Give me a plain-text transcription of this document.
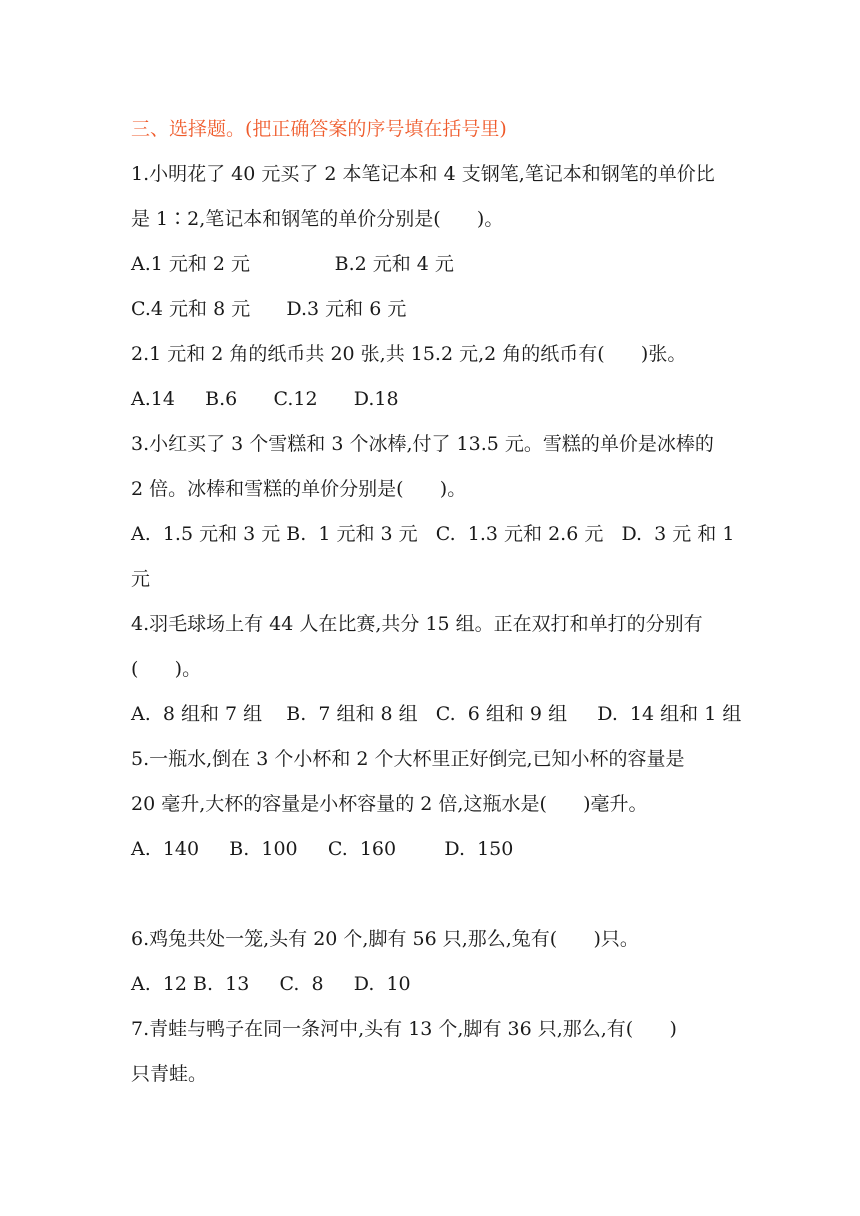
三、选择题。(把正确答案的序号填在括号里)
1.小明花了 40 元买了 2 本笔记本和 4 支钢笔,笔记本和钢笔的单价比
是 1∶2,笔记本和钢笔的单价分别是(      )。
A.1 元和 2 元              B.2 元和 4 元
C.4 元和 8 元      D.3 元和 6 元
2.1 元和 2 角的纸币共 20 张,共 15.2 元,2 角的纸币有(      )张。
A.14     B.6      C.12      D.18
3.小红买了 3 个雪糕和 3 个冰棒,付了 13.5 元。雪糕的单价是冰棒的
2 倍。冰棒和雪糕的单价分别是(      )。
A.  1.5 元和 3 元 B.  1 元和 3 元   C.  1.3 元和 2.6 元   D.  3 元 和 1
元
4.羽毛球场上有 44 人在比赛,共分 15 组。正在双打和单打的分别有
(      )。
A.  8 组和 7 组    B.  7 组和 8 组   C.  6 组和 9 组     D.  14 组和 1 组
5.一瓶水,倒在 3 个小杯和 2 个大杯里正好倒完,已知小杯的容量是
20 毫升,大杯的容量是小杯容量的 2 倍,这瓶水是(      )毫升。
A.  140     B.  100     C.  160        D.  150
6.鸡兔共处一笼,头有 20 个,脚有 56 只,那么,兔有(      )只。
A.  12 B.  13     C.  8     D.  10
7.青蛙与鸭子在同一条河中,头有 13 个,脚有 36 只,那么,有(      )
只青蛙。
